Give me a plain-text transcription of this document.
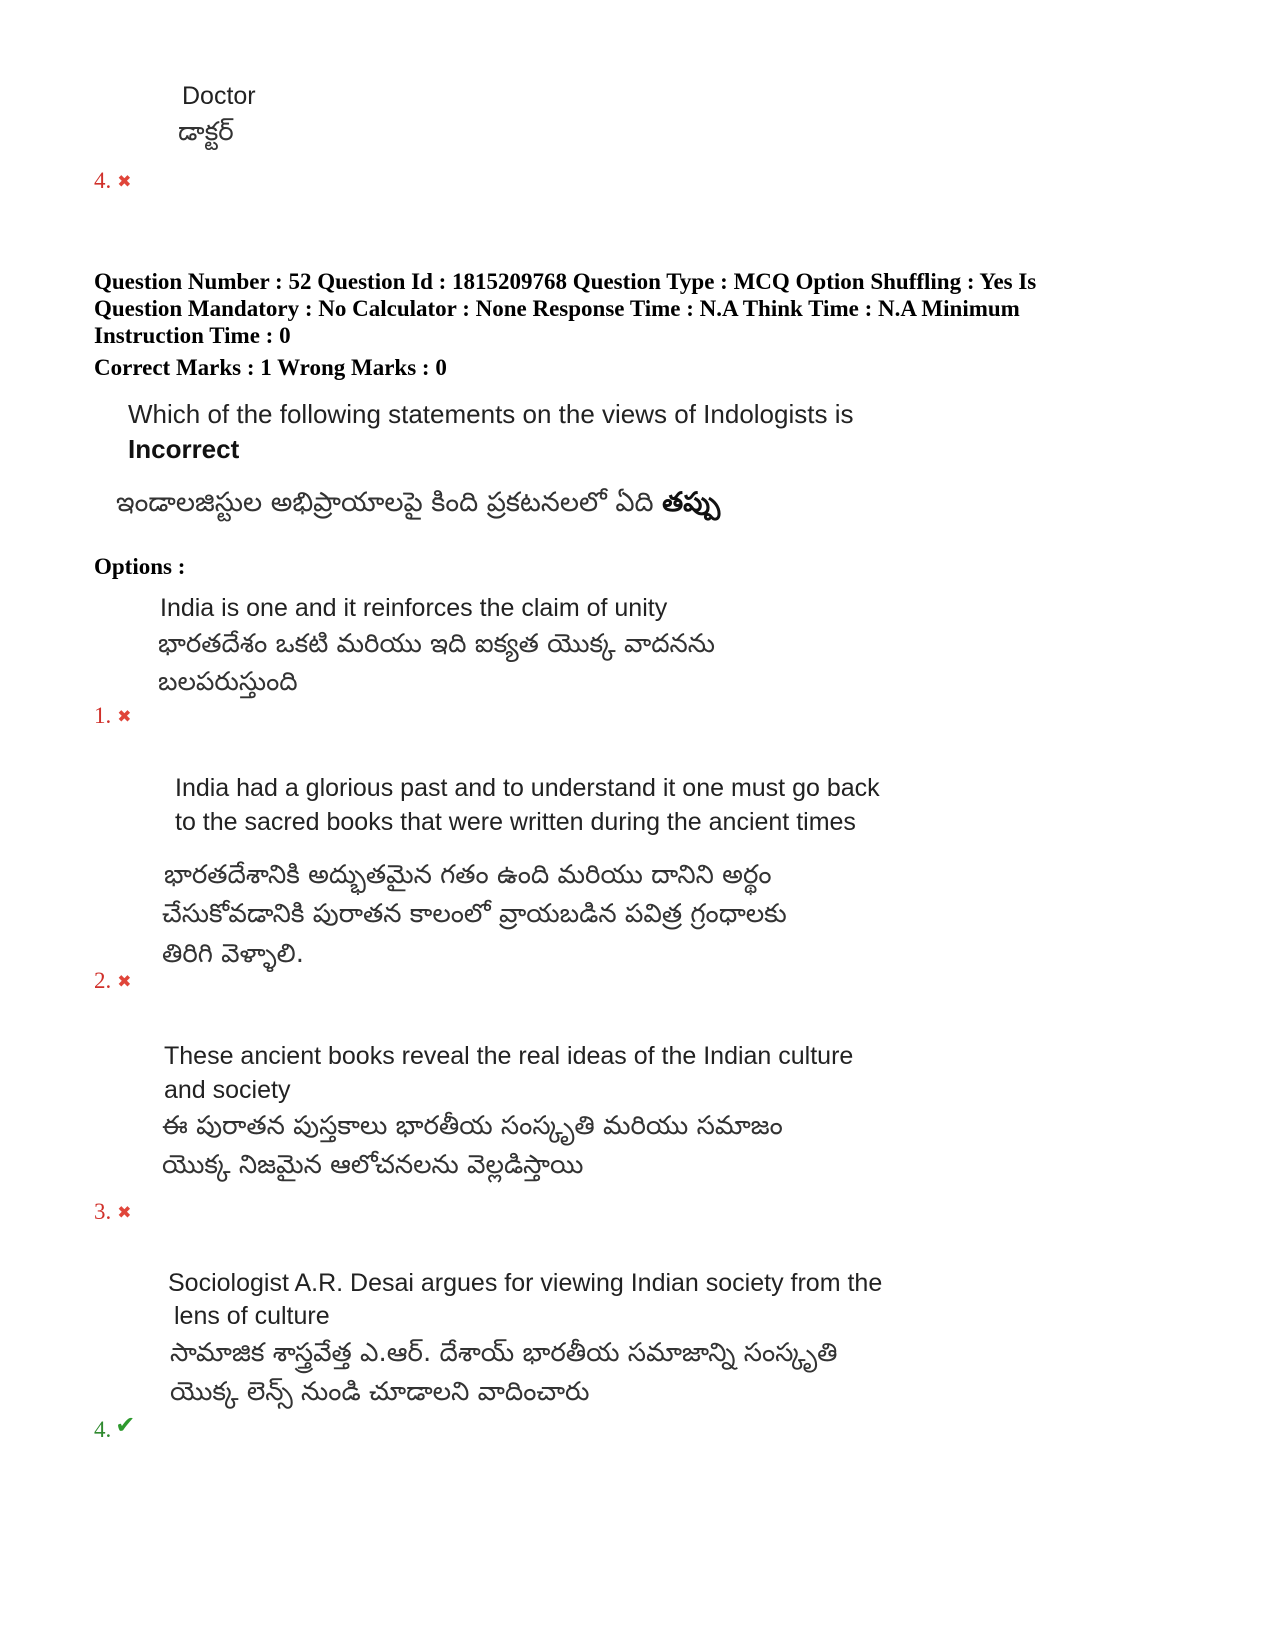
Doctor
డాక్టర్
4. ✖
Question Number : 52 Question Id : 1815209768 Question Type : MCQ Option Shuffling : Yes Is
Question Mandatory : No Calculator : None Response Time : N.A Think Time : N.A Minimum
Instruction Time : 0
Correct Marks : 1 Wrong Marks : 0
Which of the following statements on the views of Indologists is
Incorrect
ఇండాలజిస్టుల అభిప్రాయాలపై కింది ప్రకటనలలో ఏది తప్పు
Options :
India is one and it reinforces the claim of unity
భారతదేశం ఒకటి మరియు ఇది ఐక్యత యొక్క వాదనను
బలపరుస్తుంది
1. ✖
India had a glorious past and to understand it one must go back
to the sacred books that were written during the ancient times
భారతదేశానికి అద్భుతమైన గతం ఉంది మరియు దానిని అర్థం
చేసుకోవడానికి పురాతన కాలంలో వ్రాయబడిన పవిత్ర గ్రంధాలకు
తిరిగి వెళ్ళాలి.
2. ✖
These ancient books reveal the real ideas of the Indian culture
and society
ఈ పురాతన పుస్తకాలు భారతీయ సంస్కృతి మరియు సమాజం
యొక్క నిజమైన ఆలోచనలను వెల్లడిస్తాయి
3. ✖
Sociologist A.R. Desai argues for viewing Indian society from the
lens of culture
సామాజిక శాస్త్రవేత్త ఎ.ఆర్. దేశాయ్ భారతీయ సమాజాన్ని సంస్కృతి
యొక్క లెన్స్ నుండి చూడాలని వాదించారు
4. ✔
